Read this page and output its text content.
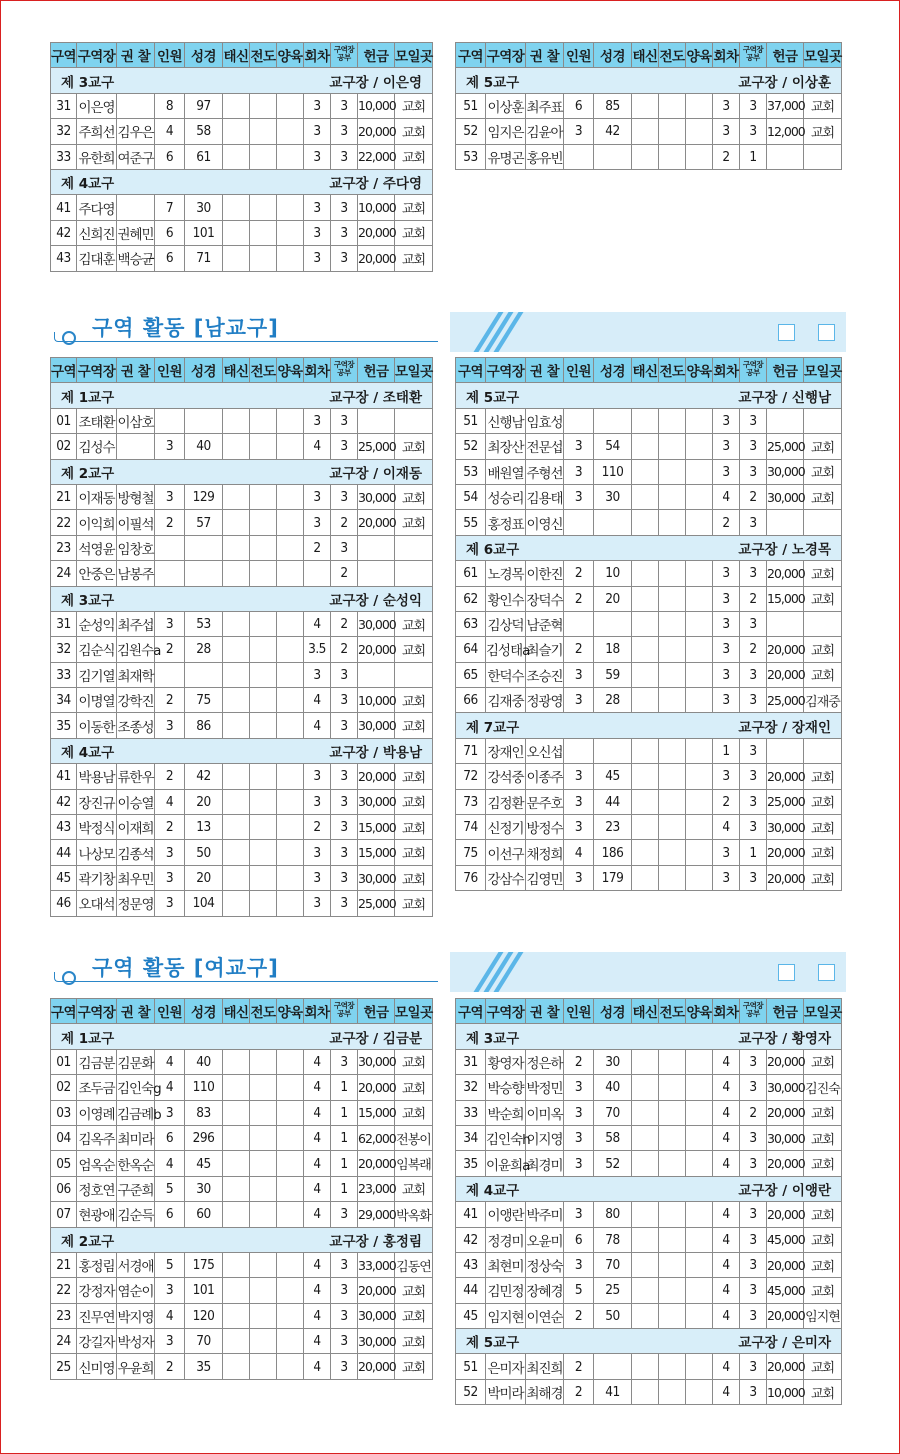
구역 활동 [남교구]
구역 활동 [여교구]
구역	구역장	권 찰	인원	성경	태신	전도	양육	회차	구역장
공부	헌금	모일곳
제 3교구 교구장 / 이은영											

31	이은영		8	97				3	3	10,000	교회
32	주희선	김우은	4	58				3	3	20,000	교회
33	유한희	여준구	6	61				3	3	22,000	교회
제 4교구 교구장 / 주다영											

41	주다영		7	30				3	3	10,000	교회
42	신희진	권혜민	6	101				3	3	20,000	교회
43	김대훈	백승균	6	71				3	3	20,000	교회
구역	구역장	권 찰	인원	성경	태신	전도	양육	회차	구역장
공부	헌금	모일곳
제 5교구 교구장 / 이상훈											

51	이상훈	최주표	6	85				3	3	37,000	교회
52	임지은	김윤아	3	42				3	3	12,000	교회
53	유명곤	홍유빈						2	1		
구역	구역장	권 찰	인원	성경	태신	전도	양육	회차	구역장
공부	헌금	모일곳
제 1교구 교구장 / 조태환											

01	조태환	이삼호						3	3		
02	김성수		3	40				4	3	25,000	교회
제 2교구 교구장 / 이재동											

21	이재동	방형철	3	129				3	3	30,000	교회
22	이익희	이필석	2	57				3	2	20,000	교회
23	석영윤	임창호						2	3		
24	안중은	남봉주							2		
제 3교구 교구장 / 순성익											

31	순성익	최주섭	3	53				4	2	30,000	교회
32	김순식	김원수a	2	28				3.5	2	20,000	교회
33	김기열	최재학						3	3		
34	이명열	강학진	2	75				4	3	10,000	교회
35	이동한	조종성	3	86				4	3	30,000	교회
제 4교구 교구장 / 박용남											

41	박용남	류한우	2	42				3	3	20,000	교회
42	장진규	이승열	4	20				3	3	30,000	교회
43	박정식	이재희	2	13				2	3	15,000	교회
44	나상모	김종석	3	50				3	3	15,000	교회
45	곽기창	최우민	3	20				3	3	30,000	교회
46	오대석	정문영	3	104				3	3	25,000	교회
구역	구역장	권 찰	인원	성경	태신	전도	양육	회차	구역장
공부	헌금	모일곳
제 5교구 교구장 / 신행남											

51	신행남	임효성						3	3		
52	최장산	전문섭	3	54				3	3	25,000	교회
53	배원열	주형선	3	110				3	3	30,000	교회
54	성승리	김용태	3	30				4	2	30,000	교회
55	홍정표	이영신						2	3		
제 6교구 교구장 / 노경목											

61	노경목	이한진	2	10				3	3	20,000	교회
62	황인수	장덕수	2	20				3	2	15,000	교회
63	김상덕	남준혁						3	3		
64	김성태a	최슬기	2	18				3	2	20,000	교회
65	한덕수	조승진	3	59				3	3	20,000	교회
66	김재중	정광영	3	28				3	3	25,000	김재중
제 7교구 교구장 / 장재인											

71	장재인	오신섭						1	3		
72	강석중	이종주	3	45				3	3	20,000	교회
73	김정환	문주호	3	44				2	3	25,000	교회
74	신정기	방정수	3	23				4	3	30,000	교회
75	이선구	채정희	4	186				3	1	20,000	교회
76	강삼수	김영민	3	179				3	3	20,000	교회
구역	구역장	권 찰	인원	성경	태신	전도	양육	회차	구역장
공부	헌금	모일곳
제 1교구 교구장 / 김금분											

01	김금분	김문화	4	40				4	3	30,000	교회
02	조두금	김인숙g	4	110				4	1	20,000	교회
03	이영례	김금례b	3	83				4	1	15,000	교회
04	김옥주	최미라	6	296				4	1	62,000	전봉이
05	엄옥순	한옥순	4	45				4	1	20,000	임복래
06	정호연	구준희	5	30				4	1	23,000	교회
07	현광애	김순득	6	60				4	3	29,000	박옥화
제 2교구 교구장 / 홍정림											

21	홍정림	서경애	5	175				4	3	33,000	김동연
22	강정자	염순이	3	101				4	3	20,000	교회
23	진무연	박지영	4	120				4	3	30,000	교회
24	강길자	박성자	3	70				4	3	30,000	교회
25	신미영	우윤희	2	35				4	3	20,000	교회
구역	구역장	권 찰	인원	성경	태신	전도	양육	회차	구역장
공부	헌금	모일곳
제 3교구 교구장 / 황영자											

31	황영자	정은하	2	30				4	3	20,000	교회
32	박승향	박정민	3	40				4	3	30,000	김진숙
33	박순희	이미옥	3	70				4	2	20,000	교회
34	김인숙h	이지영	3	58				4	3	30,000	교회
35	이윤희a	최경미	3	52				4	3	20,000	교회
제 4교구 교구장 / 이앵란											

41	이앵란	박주미	3	80				4	3	20,000	교회
42	정경미	오윤미	6	78				4	3	45,000	교회
43	최현미	정상숙	3	70				4	3	20,000	교회
44	김민정	장혜경	5	25				4	3	45,000	교회
45	임지현	이연순	2	50				4	3	20,000	임지현
제 5교구 교구장 / 은미자											

51	은미자	최진희	2					4	3	20,000	교회
52	박미라	최해경	2	41				4	3	10,000	교회
